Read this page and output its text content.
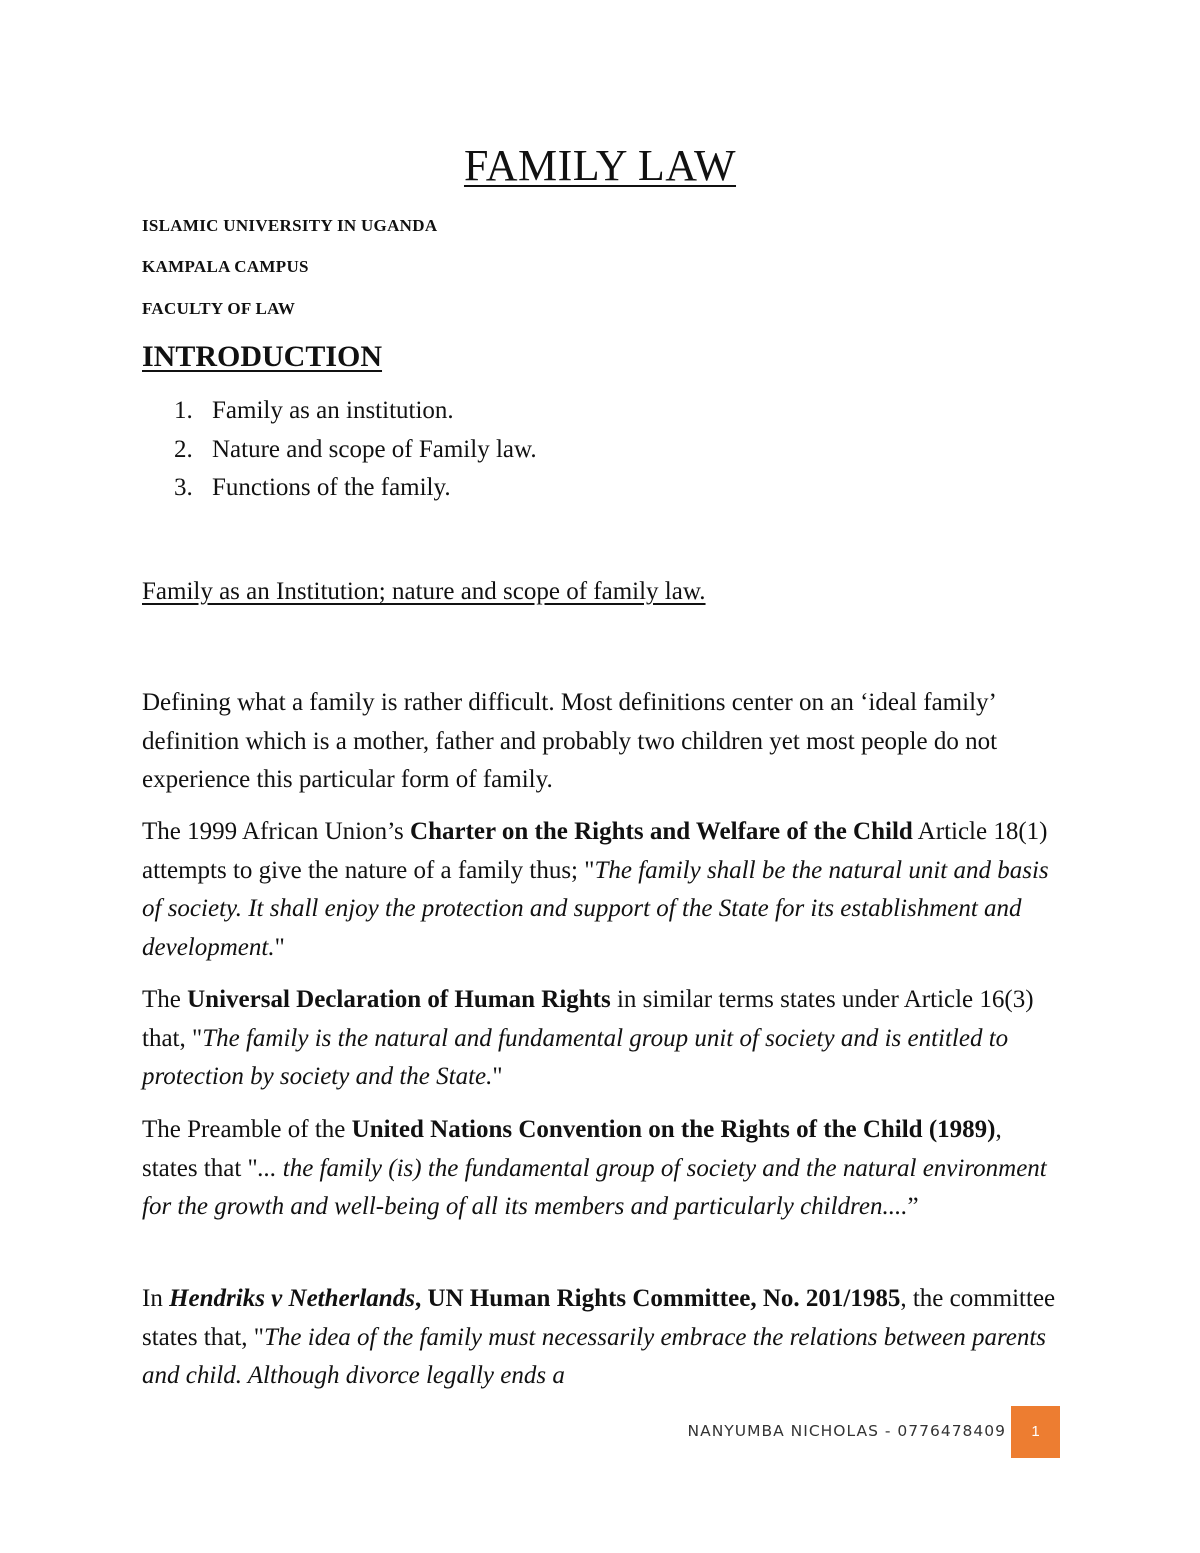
FAMILY LAW
ISLAMIC UNIVERSITY IN UGANDA
KAMPALA CAMPUS
FACULTY OF LAW
INTRODUCTION
1. Family as an institution.
2. Nature and scope of Family law.
3. Functions of the family.
Family as an Institution; nature and scope of family law.

Defining what a family is rather difficult. Most definitions center on an ‘ideal family’ definition which is a mother, father and probably two children yet most people do not experience this particular form of family.

The 1999 African Union’s Charter on the Rights and Welfare of the Child Article 18(1) attempts to give the nature of a family thus; "The family shall be the natural unit and basis of society. It shall enjoy the protection and support of the State for its establishment and development."

The Universal Declaration of Human Rights in similar terms states under Article 16(3) that, "The family is the natural and fundamental group unit of society and is entitled to protection by society and the State."

The Preamble of the United Nations Convention on the Rights of the Child (1989), states that "... the family (is) the fundamental group of society and the natural environment for the growth and well-being of all its members and particularly children....”

In Hendriks v Netherlands, UN Human Rights Committee, No. 201/1985, the committee states that, "The idea of the family must necessarily embrace the relations between parents and child. Although divorce legally ends a

NANYUMBA NICHOLAS - 0776478409	1
